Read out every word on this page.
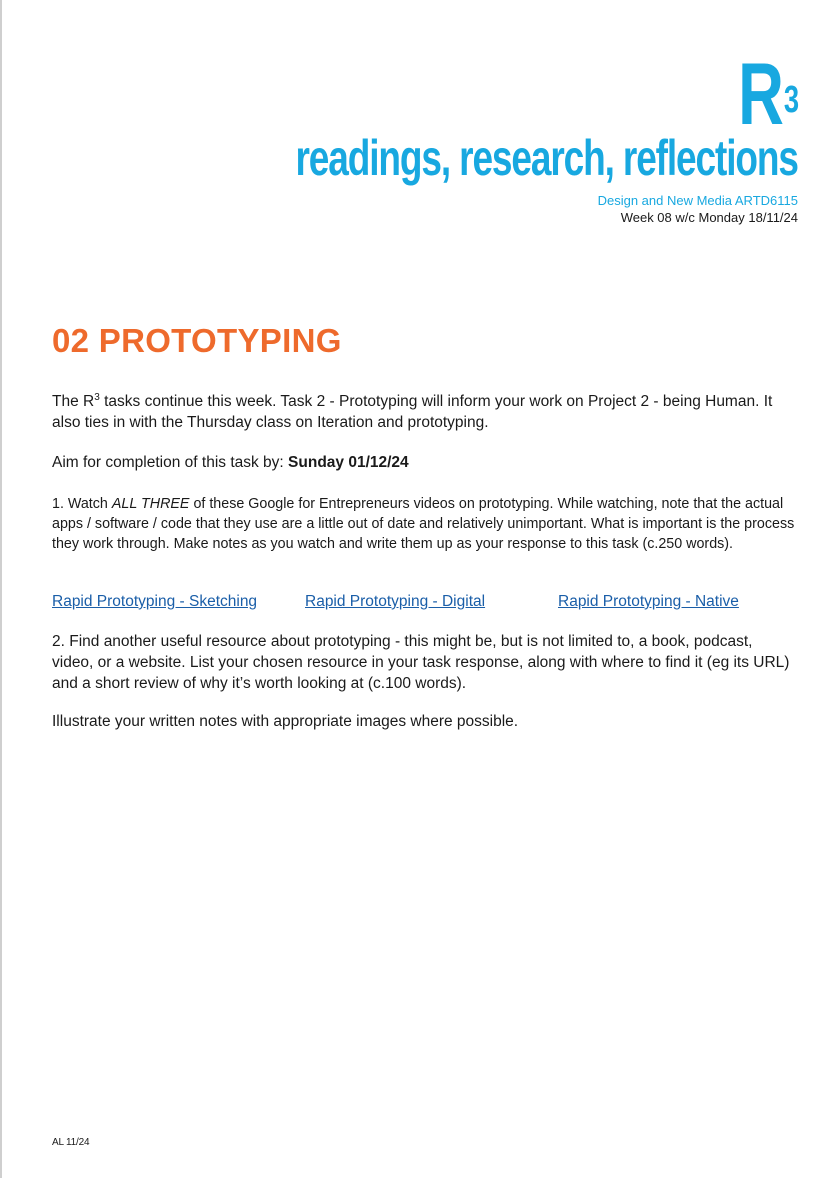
$R^3$
readings, research, reflections
Design and New Media ARTD6115
Week 08 w/c Monday 18/11/24
02 PROTOTYPING

The $R^3$ tasks continue this week. Task 2 - Prototyping will inform your work on Project 2 - being Human. It also ties in with the Thursday class on Iteration and prototyping.

Aim for completion of this task by: Sunday 01/12/24

1. Watch ALL THREE of these Google for Entrepreneurs videos on prototyping. While watching, note that the actual apps / software / code that they use are a little out of date and relatively unimportant. What is important is the process they work through. Make notes as you watch and write them up as your response to this task (c.250 words).

Rapid Prototyping - Sketching	Rapid Prototyping - Digital	Rapid Prototyping - Native

2. Find another useful resource about prototyping - this might be, but is not limited to, a book, podcast, video, or a website. List your chosen resource in your task response, along with where to find it (eg its URL) and a short review of why it’s worth looking at (c.100 words).

Illustrate your written notes with appropriate images where possible.

AL 11/24
